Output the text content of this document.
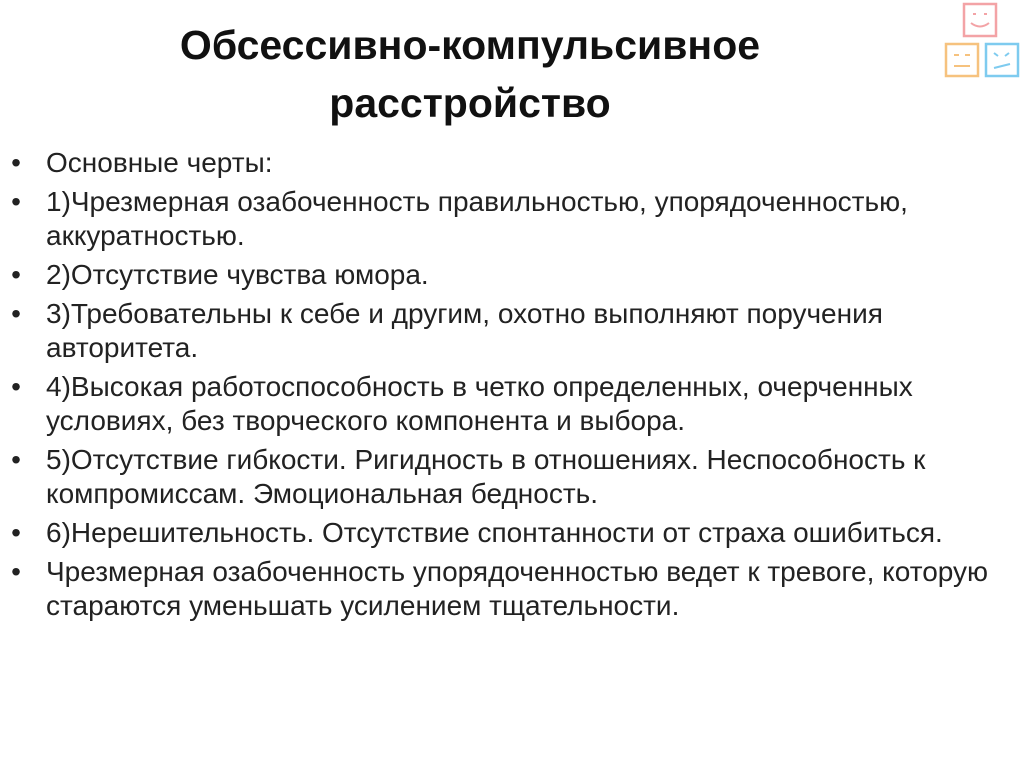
Обсессивно-компульсивное
расстройство
• Основные черты:
• 1)Чрезмерная озабоченность правильностью, упорядоченностью, аккуратностью.
• 2)Отсутствие чувства юмора.
• 3)Требовательны к себе и другим, охотно выполняют поручения авторитета.
• 4)Высокая работоспособность в четко определенных, очерченных условиях, без творческого компонента и выбора.
• 5)Отсутствие гибкости. Ригидность в отношениях. Неспособность к компромиссам. Эмоциональная бедность.
• 6)Нерешительность. Отсутствие спонтанности от страха ошибиться.
• Чрезмерная озабоченность упорядоченностью ведет к тревоге, которую стараются уменьшать усилением тщательности.
